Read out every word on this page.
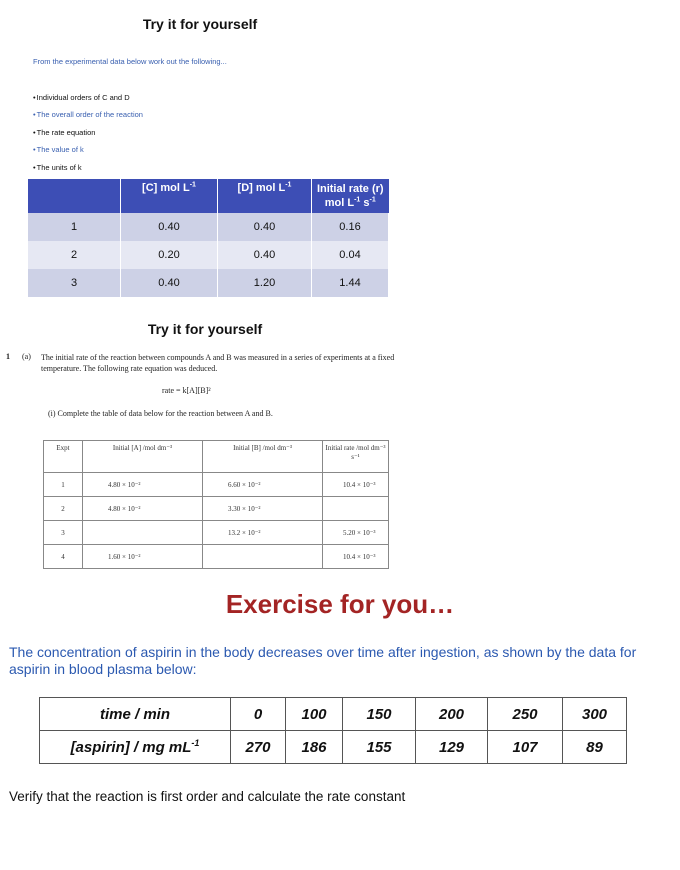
Try it for yourself
From the experimental data below work out the following...
•Individual orders of C and D
•The overall order of the reaction
•The rate equation
•The value of k
•The units of k
	[C] mol $L^{-1}$	[D] mol $L^{-1}$	Initial rate (r)
mol $L^{-1}$ $s^{-1}$
1	0.40	0.40	0.16
2	0.20	0.40	0.04
3	0.40	1.20	1.44
Try it for yourself
1 (a) The initial rate of the reaction between compounds A and B was measured in a series of experiments at a fixed temperature. The following rate equation was deduced.
rate = k[A][B]²
(i) Complete the table of data below for the reaction between A and B.
Expt	Initial [A] /mol dm⁻³	Initial [B] /mol dm⁻³	Initial rate /mol dm⁻³ s⁻¹
1	4.80 × 10⁻²	6.60 × 10⁻²	10.4 × 10⁻³
2	4.80 × 10⁻²	3.30 × 10⁻²	
3		13.2 × 10⁻²	5.20 × 10⁻³
4	1.60 × 10⁻²		10.4 × 10⁻³
Exercise for you…
The concentration of aspirin in the body decreases over time after ingestion, as shown by the data for aspirin in blood plasma below:
time / min	0	100	150	200	250	300
[aspirin] / mg $mL^{-1}$	270	186	155	129	107	89
Verify that the reaction is first order and calculate the rate constant
